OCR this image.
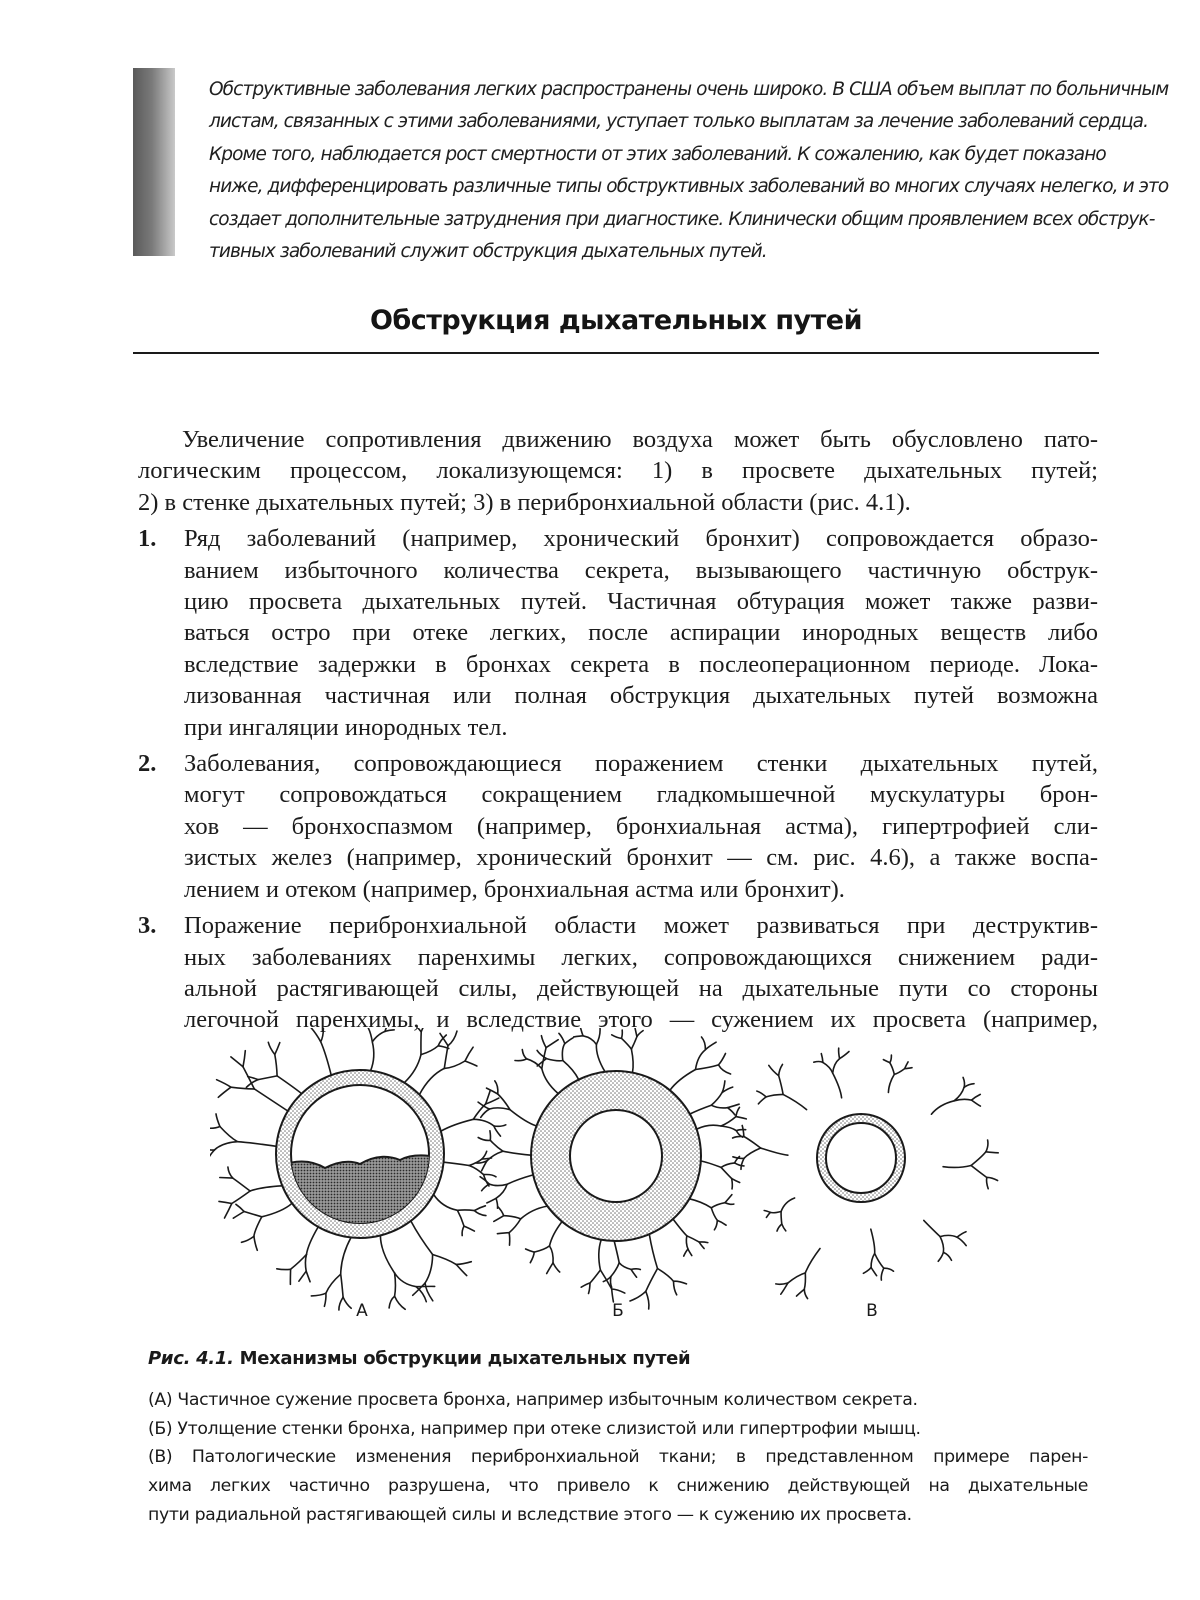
Обструктивные заболевания легких распространены очень широко. В США объем выплат по больничным
листам, связанных с этими заболеваниями, уступает только выплатам за лечение заболеваний сердца.
Кроме того, наблюдается рост смертности от этих заболеваний. К сожалению, как будет показано
ниже, дифференцировать различные типы обструктивных заболеваний во многих случаях нелегко, и это
создает дополнительные затруднения при диагностике. Клинически общим проявлением всех обструк-
тивных заболеваний служит обструкция дыхательных путей.
Обструкция дыхательных путей
Увеличение сопротивления движению воздуха может быть обусловлено пато-
логическим процессом, локализующемся: 1) в просвете дыхательных путей;
2) в стенке дыхательных путей; 3) в перибронхиальной области (рис. 4.1).
1. Ряд заболеваний (например, хронический бронхит) сопровождается образо-
ванием избыточного количества секрета, вызывающего частичную обструк-
цию просвета дыхательных путей. Частичная обтурация может также разви-
ваться остро при отеке легких, после аспирации инородных веществ либо
вследствие задержки в бронхах секрета в послеоперационном периоде. Лока-
лизованная частичная или полная обструкция дыхательных путей возможна
при ингаляции инородных тел.
2. Заболевания, сопровождающиеся поражением стенки дыхательных путей,
могут сопровождаться сокращением гладкомышечной мускулатуры брон-
хов — бронхоспазмом (например, бронхиальная астма), гипертрофией сли-
зистых желез (например, хронический бронхит — см. рис. 4.6), а также воспа-
лением и отеком (например, бронхиальная астма или бронхит).
3. Поражение перибронхиальной области может развиваться при деструктив-
ных заболеваниях паренхимы легких, сопровождающихся снижением ради-
альной растягивающей силы, действующей на дыхательные пути со стороны
легочной паренхимы, и вследствие этого — сужением их просвета (например,
А	Б	В
Рис. 4.1. Механизмы обструкции дыхательных путей
(А) Частичное сужение просвета бронха, например избыточным количеством секрета.
(Б) Утолщение стенки бронха, например при отеке слизистой или гипертрофии мышц.
(В) Патологические изменения перибронхиальной ткани; в представленном примере парен-
хима легких частично разрушена, что привело к снижению действующей на дыхательные
пути радиальной растягивающей силы и вследствие этого — к сужению их просвета.
